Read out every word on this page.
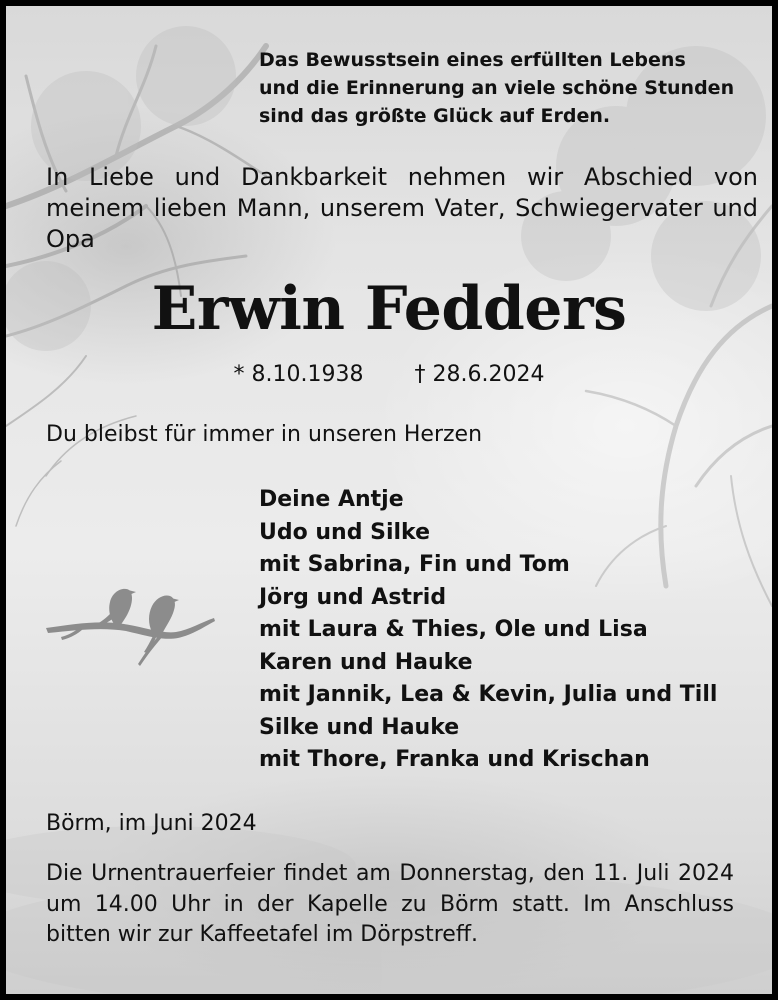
Das Bewusstsein eines erfüllten Lebens
und die Erinnerung an viele schöne Stunden
sind das größte Glück auf Erden.

In Liebe und Dankbarkeit nehmen wir Abschied von meinem lieben Mann, unserem Vater, Schwiegervater und Opa

Erwin Fedders
* 8.10.1938 † 28.6.2024
Du bleibst für immer in unseren Herzen
Deine Antje
Udo und Silke
mit Sabrina, Fin und Tom
Jörg und Astrid
mit Laura & Thies, Ole und Lisa
Karen und Hauke
mit Jannik, Lea & Kevin, Julia und Till
Silke und Hauke
mit Thore, Franka und Krischan
Börm, im Juni 2024

Die Urnentrauerfeier findet am Donnerstag, den 11. Juli 2024 um 14.00 Uhr in der Kapelle zu Börm statt. Im Anschluss bitten wir zur Kaffeetafel im Dörpstreff.
